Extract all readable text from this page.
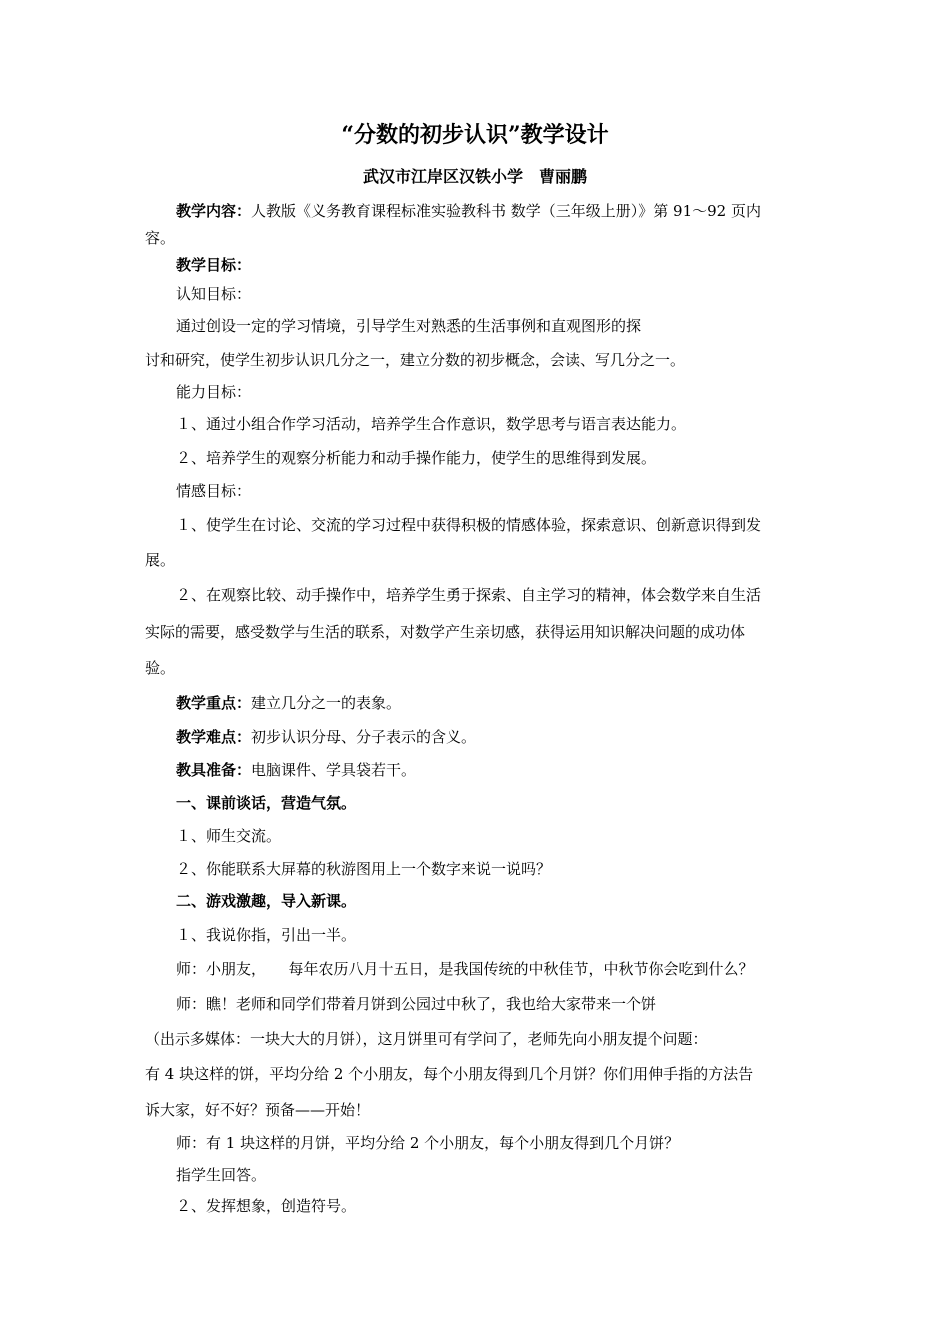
“分数的初步认识”教学设计
武汉市江岸区汉铁小学　曹丽鹏
教学内容：人教版《义务教育课程标准实验教科书 数学（三年级上册）》第 91～92 页内
容。
教学目标：
认知目标：
通过创设一定的学习情境，引导学生对熟悉的生活事例和直观图形的探
讨和研究，使学生初步认识几分之一，建立分数的初步概念，会读、写几分之一。
能力目标：
１、通过小组合作学习活动，培养学生合作意识，数学思考与语言表达能力。
２、培养学生的观察分析能力和动手操作能力，使学生的思维得到发展。
情感目标：
１、使学生在讨论、交流的学习过程中获得积极的情感体验，探索意识、创新意识得到发
展。
２、在观察比较、动手操作中，培养学生勇于探索、自主学习的精神，体会数学来自生活
实际的需要，感受数学与生活的联系，对数学产生亲切感，获得运用知识解决问题的成功体
验。
教学重点：建立几分之一的表象。
教学难点：初步认识分母、分子表示的含义。
教具准备：电脑课件、学具袋若干。
一、课前谈话，营造气氛。
１、师生交流。
２、你能联系大屏幕的秋游图用上一个数字来说一说吗？
二、游戏激趣，导入新课。
１、我说你指，引出一半。
师：小朋友，　　每年农历八月十五日，是我国传统的中秋佳节，中秋节你会吃到什么？
师：瞧！老师和同学们带着月饼到公园过中秋了，我也给大家带来一个饼
（出示多媒体：一块大大的月饼），这月饼里可有学问了，老师先向小朋友提个问题：
有 4 块这样的饼，平均分给 2 个小朋友，每个小朋友得到几个月饼？你们用伸手指的方法告
诉大家，好不好？预备——开始！
师：有 1 块这样的月饼，平均分给 2 个小朋友，每个小朋友得到几个月饼？
指学生回答。
２、发挥想象，创造符号。
